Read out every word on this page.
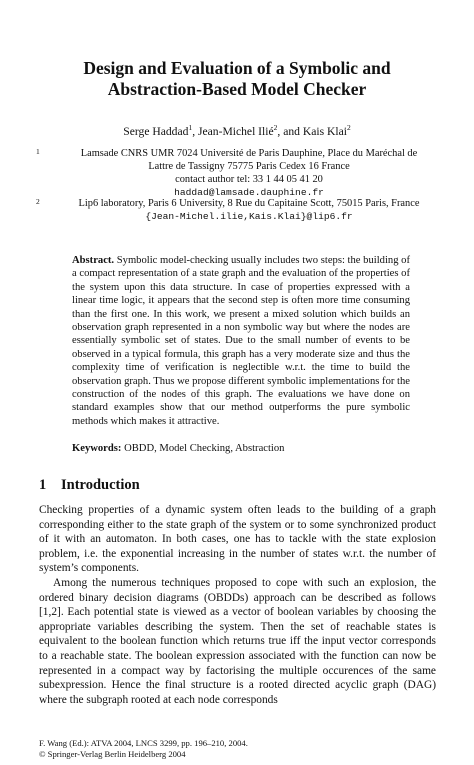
Design and Evaluation of a Symbolic and
Abstraction-Based Model Checker
Serge Haddad$^1$, Jean-Michel Ilié$^2$, and Kais Klai$^2$
1	Lamsade CNRS UMR 7024 Université de Paris Dauphine, Place du Maréchal de
Lattre de Tassigny 75775 Paris Cedex 16 France
contact author tel: 33 1 44 05 41 20
haddad@lamsade.dauphine.fr
2	Lip6 laboratory, Paris 6 University, 8 Rue du Capitaine Scott, 75015 Paris, France
{Jean-Michel.ilie,Kais.Klai}@lip6.fr
Abstract. Symbolic model-checking usually includes two steps: the building of a compact representation of a state graph and the evaluation of the properties of the system upon this data structure. In case of properties expressed with a linear time logic, it appears that the second step is often more time consuming than the first one. In this work, we present a mixed solution which builds an observation graph represented in a non symbolic way but where the nodes are essentially symbolic set of states. Due to the small number of events to be observed in a typical formula, this graph has a very moderate size and thus the complexity time of verification is neglectible w.r.t. the time to build the observation graph. Thus we propose different symbolic implementations for the construction of the nodes of this graph. The evaluations we have done on standard examples show that our method outperforms the pure symbolic methods which makes it attractive.
Keywords: OBDD, Model Checking, Abstraction
1 Introduction

Checking properties of a dynamic system often leads to the building of a graph corresponding either to the state graph of the system or to some synchronized product of it with an automaton. In both cases, one has to tackle with the state explosion problem, i.e. the exponential increasing in the number of states w.r.t. the number of system’s components.

Among the numerous techniques proposed to cope with such an explosion, the ordered binary decision diagrams (OBDDs) approach can be described as follows [1,2]. Each potential state is viewed as a vector of boolean variables by choosing the appropriate variables describing the system. Then the set of reachable states is equivalent to the boolean function which returns true iff the input vector corresponds to a reachable state. The boolean expression associated with the function can now be represented in a compact way by factorising the multiple occurences of the same subexpression. Hence the final structure is a rooted directed acyclic graph (DAG) where the subgraph rooted at each node corresponds

F. Wang (Ed.): ATVA 2004, LNCS 3299, pp. 196–210, 2004.
© Springer-Verlag Berlin Heidelberg 2004
